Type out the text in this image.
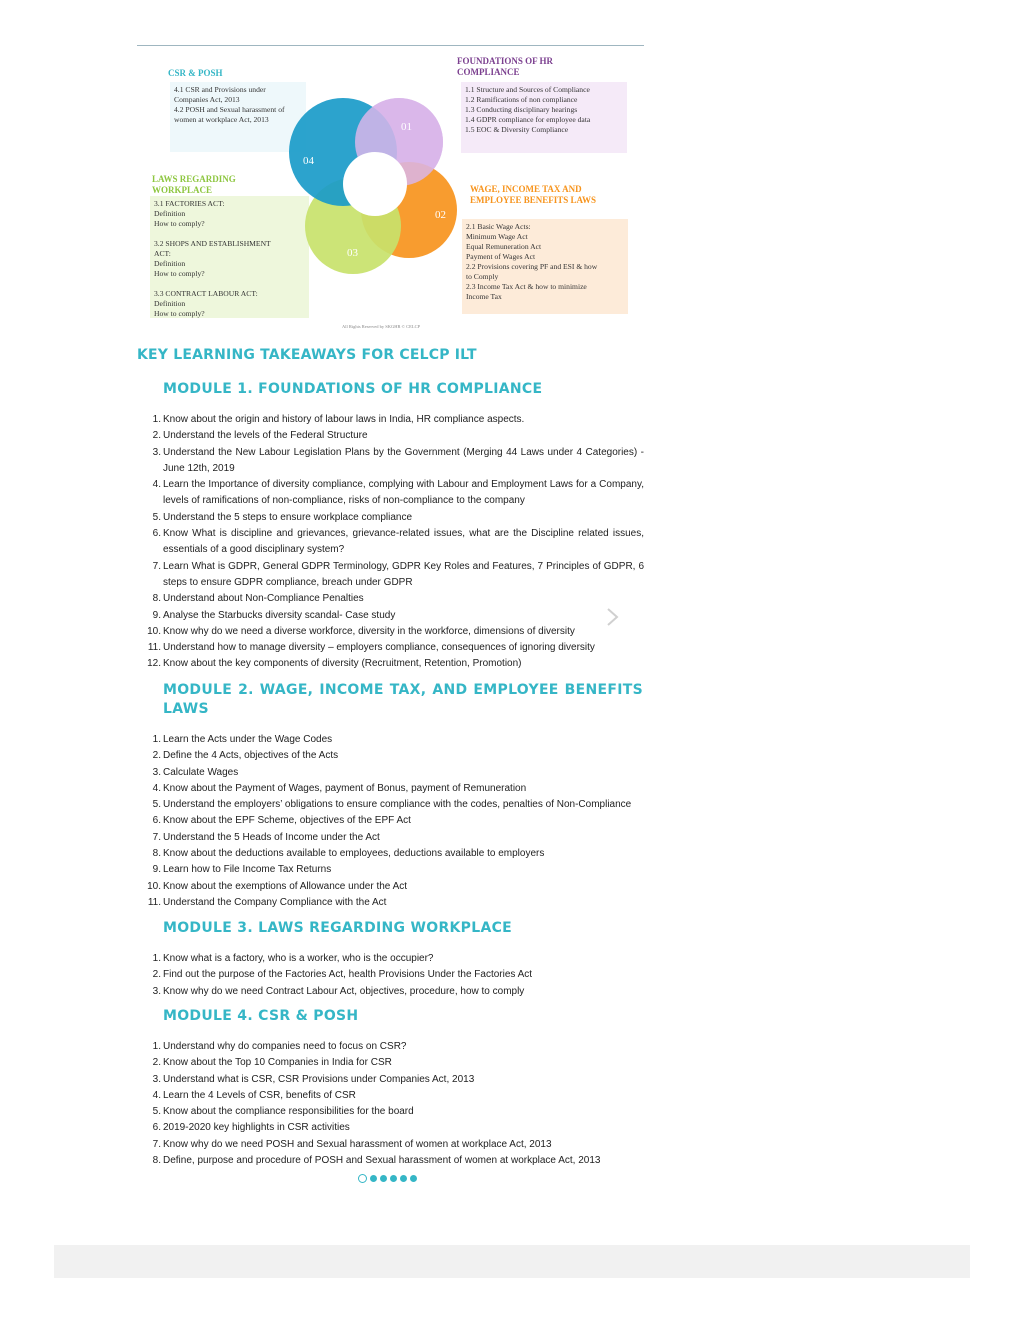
CSR & POSH
4.1 CSR and Provisions under
Companies Act, 2013
4.2 POSH and Sexual harassment of
women at workplace Act, 2013
FOUNDATIONS OF HR
COMPLIANCE
1.1 Structure and Sources of Compliance
1.2 Ramifications of non compliance
1.3 Conducting disciplinary hearings
1.4 GDPR compliance for employee data
1.5 EOC & Diversity Compliance
LAWS REGARDING
WORKPLACE
3.1 FACTORIES ACT:
Definition
How to comply?

3.2 SHOPS AND ESTABLISHMENT
ACT:
Definition
How to comply?

3.3 CONTRACT LABOUR ACT:
Definition
How to comply?
WAGE, INCOME TAX AND
EMPLOYEE BENEFITS LAWS
2.1 Basic Wage Acts:
Minimum Wage Act
Equal Remuneration Act
Payment of Wages Act
2.2 Provisions covering PF and ESI & how
to Comply
2.3 Income Tax Act & how to minimize
Income Tax
01
02
03
04
All Rights Reserved by SKGHR © CELCP
KEY LEARNING TAKEAWAYS FOR CELCP ILT
MODULE 1. FOUNDATIONS OF HR COMPLIANCE
1. Know about the origin and history of labour laws in India, HR compliance aspects.
2. Understand the levels of the Federal Structure
3. Understand the New Labour Legislation Plans by the Government (Merging 44 Laws under 4 Categories) - June 12th, 2019
4. Learn the Importance of diversity compliance, complying with Labour and Employment Laws for a Company, levels of ramifications of non-compliance, risks of non-compliance to the company
5. Understand the 5 steps to ensure workplace compliance
6. Know What is discipline and grievances, grievance-related issues, what are the Discipline related issues, essentials of a good disciplinary system?
7. Learn What is GDPR, General GDPR Terminology, GDPR Key Roles and Features, 7 Principles of GDPR, 6 steps to ensure GDPR compliance, breach under GDPR
8. Understand about Non-Compliance Penalties
9. Analyse the Starbucks diversity scandal- Case study
10. Know why do we need a diverse workforce, diversity in the workforce, dimensions of diversity
11. Understand how to manage diversity – employers compliance, consequences of ignoring diversity
12. Know about the key components of diversity (Recruitment, Retention, Promotion)
MODULE 2. WAGE, INCOME TAX, AND EMPLOYEE BENEFITS LAWS
1. Learn the Acts under the Wage Codes
2. Define the 4 Acts, objectives of the Acts
3. Calculate Wages
4. Know about the Payment of Wages, payment of Bonus, payment of Remuneration
5. Understand the employers’ obligations to ensure compliance with the codes, penalties of Non-Compliance
6. Know about the EPF Scheme, objectives of the EPF Act
7. Understand the 5 Heads of Income under the Act
8. Know about the deductions available to employees, deductions available to employers
9. Learn how to File Income Tax Returns
10. Know about the exemptions of Allowance under the Act
11. Understand the Company Compliance with the Act
MODULE 3. LAWS REGARDING WORKPLACE
1. Know what is a factory, who is a worker, who is the occupier?
2. Find out the purpose of the Factories Act, health Provisions Under the Factories Act
3. Know why do we need Contract Labour Act, objectives, procedure, how to comply
MODULE 4. CSR & POSH
1. Understand why do companies need to focus on CSR?
2. Know about the Top 10 Companies in India for CSR
3. Understand what is CSR, CSR Provisions under Companies Act, 2013
4. Learn the 4 Levels of CSR, benefits of CSR
5. Know about the compliance responsibilities for the board
6. 2019-2020 key highlights in CSR activities
7. Know why do we need POSH and Sexual harassment of women at workplace Act, 2013
8. Define, purpose and procedure of POSH and Sexual harassment of women at workplace Act, 2013
